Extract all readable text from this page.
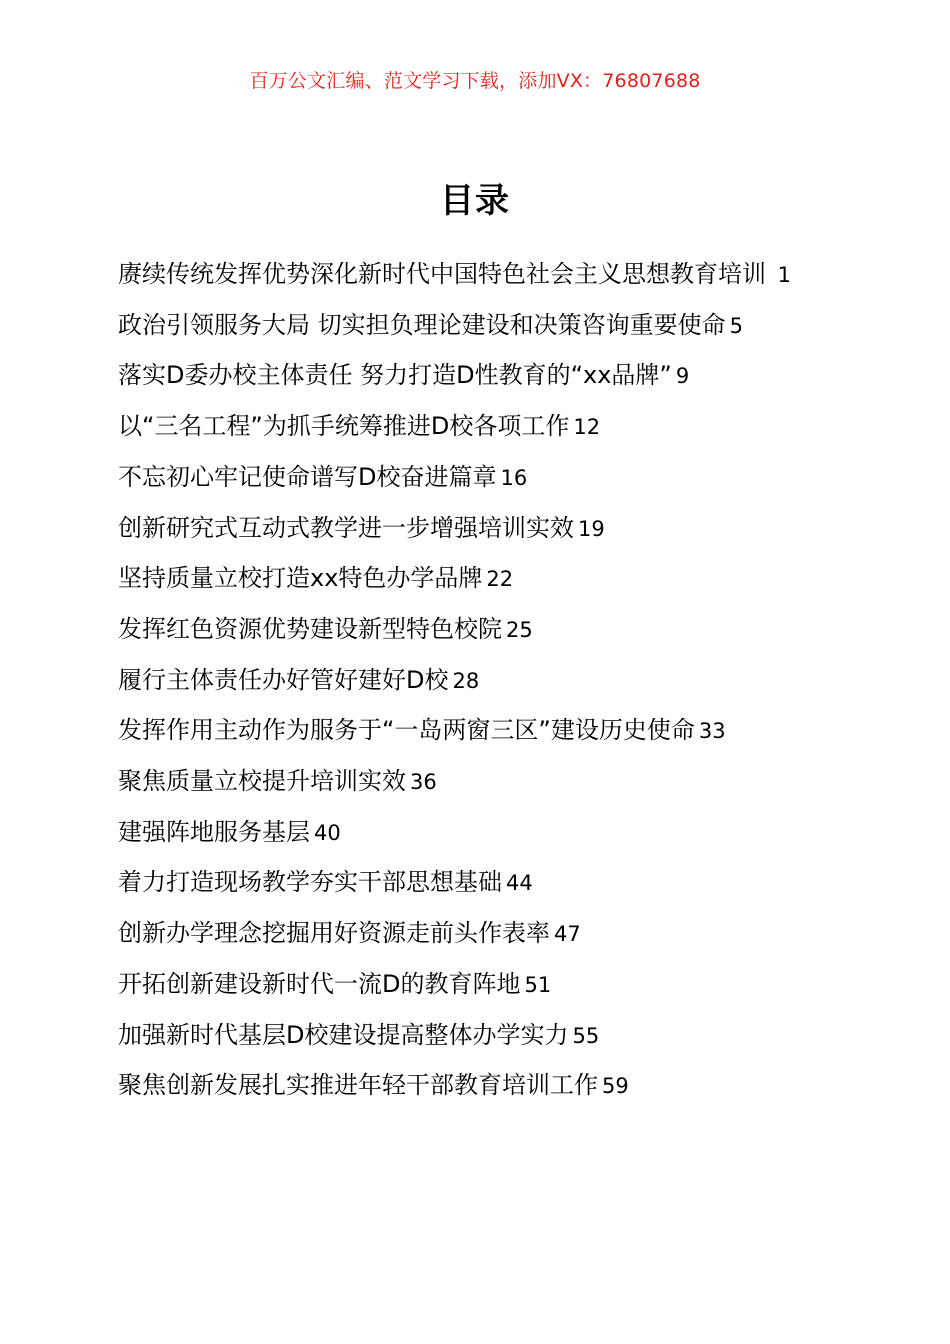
百万公文汇编、范文学习下载，添加VX：76807688
目录
赓续传统发挥优势深化新时代中国特色社会主义思想教育培训 1
政治引领服务大局 切实担负理论建设和决策咨询重要使命 5
落实D委办校主体责任 努力打造D性教育的“xx品牌” 9
以“三名工程”为抓手统筹推进D校各项工作 12
不忘初心牢记使命谱写D校奋进篇章 16
创新研究式互动式教学进一步增强培训实效 19
坚持质量立校打造xx特色办学品牌 22
发挥红色资源优势建设新型特色校院 25
履行主体责任办好管好建好D校 28
发挥作用主动作为服务于“一岛两窗三区”建设历史使命 33
聚焦质量立校提升培训实效 36
建强阵地服务基层 40
着力打造现场教学夯实干部思想基础 44
创新办学理念挖掘用好资源走前头作表率 47
开拓创新建设新时代一流D的教育阵地 51
加强新时代基层D校建设提高整体办学实力 55
聚焦创新发展扎实推进年轻干部教育培训工作 59
